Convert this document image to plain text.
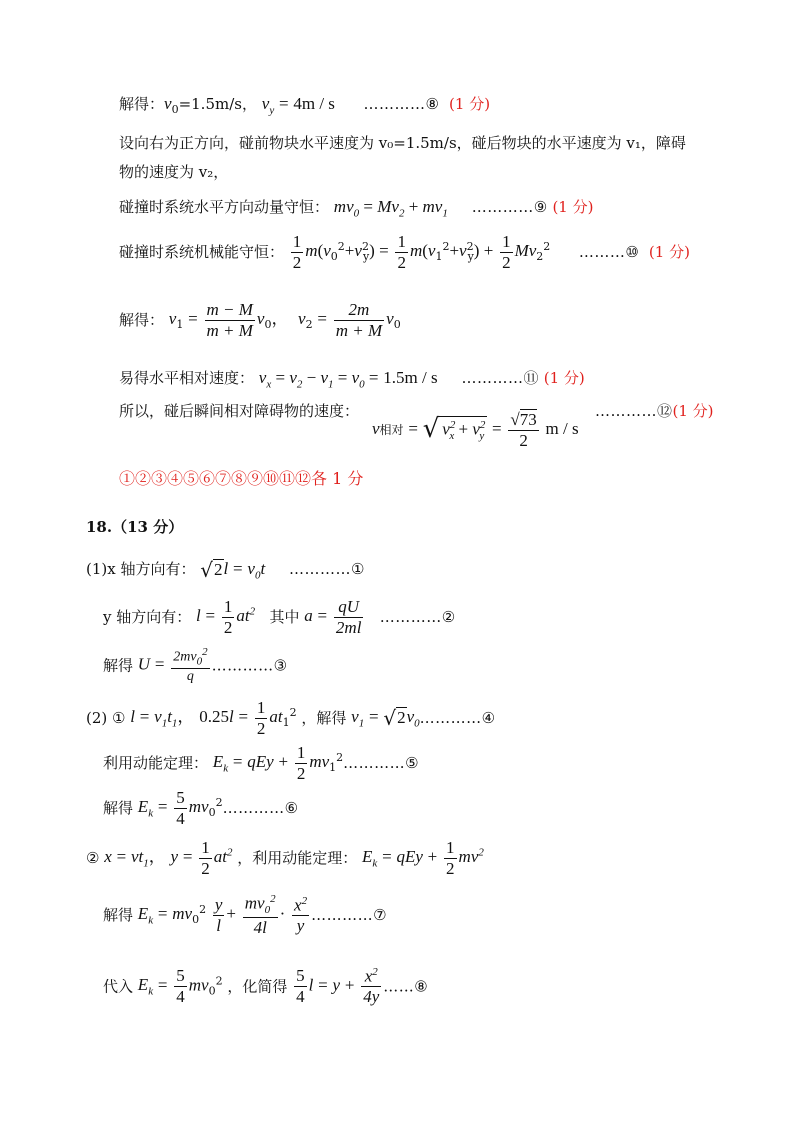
解得：$v_0=1.5m/s$， $v_y = 4m / s$ …………⑧ (1 分)
设向右为正方向，碰前物块水平速度为 v₀=1.5m/s，碰后物块的水平速度为 v₁，障碍
物的速度为 v₂，
碰撞时系统水平方向动量守恒： $mv_0 = Mv_2 + mv_1$ …………⑨ (1 分)
碰撞时系统机械能守恒： $\frac{1}{2} m(v_0^2+v^2_y) = \frac{1}{2} m(v_1^2+v^2_y) + \frac{1}{2} Mv_2^2$ ………⑩ (1 分)
解得： $v_1 = \frac{m - M}{m + M} v_0$， $v_2 = \frac{2m}{m + M} v_0$
易得水平相对速度： $v_x = v_2 - v_1 = v_0 = 1.5m / s$ …………⑪ (1 分)
所以，碰后瞬间相对障碍物的速度：	…………⑫(1 分)
v相对 = √ $v^2_x + v^2_y = \frac{√73}{2}$ m / s
①②③④⑤⑥⑦⑧⑨⑩⑪⑫各 1 分
18.（13 分）
(1)x 轴方向有： $√2l = v_0t$ …………①
y 轴方向有： $l = \frac{1}{2} at^2$ 其中 $a = \frac{qU}{2ml}$ …………②
解得 $U = \frac{2mv_0^2}{q}$ …………③
(2) ① $l = v_1t_1$， $0.25l = \frac{1}{2} at_1^2$ ，解得 $v_1$ = $√2v_0\dots\dots\dots\dots ④$
利用动能定理： $E_k$ = qEy + $\frac{1}{2}$ $mv_1^2\dots\dots\dots\dots ⑤$
解得 $E_k = \frac{5}{4}$ $mv_0^2\dots\dots\dots\dots ⑥$
② $x = vt_1$， $y = \frac{1}{2} at^2$ ，利用动能定理： $E_k$ = qEy + $\frac{1}{2} mv^2$
解得 $E_k = mv_0^2 \frac{y}{l} + \frac{mv_0^2}{4l} \cdot \frac{x^2}{y}$ …………⑦
代入 $E_k = \frac{5}{4} mv_0^2$ ，化简得 $\frac{5}{4}$ $l = y + \frac{x^2}{4y}$ ……⑧
